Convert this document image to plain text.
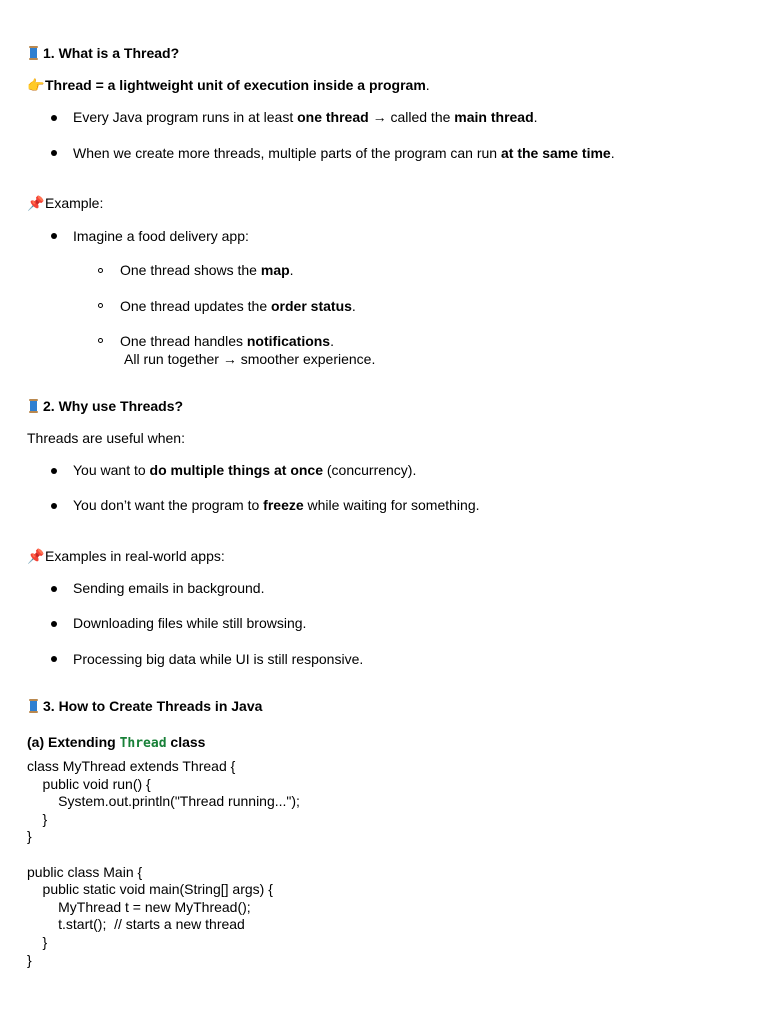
1. What is a Thread?
👉Thread = a lightweight unit of execution inside a program.
Every Java program runs in at least one thread → called the main thread.
When we create more threads, multiple parts of the program can run at the same time.
📌Example:
Imagine a food delivery app:
One thread shows the map.
One thread updates the order status.
One thread handles notifications.
All run together → smoother experience.
2. Why use Threads?
Threads are useful when:
You want to do multiple things at once (concurrency).
You don’t want the program to freeze while waiting for something.
📌Examples in real-world apps:
Sending emails in background.
Downloading files while still browsing.
Processing big data while UI is still responsive.
3. How to Create Threads in Java
(a) Extending Thread class
class MyThread extends Thread {
public void run() {
System.out.println("Thread running...");
}
}

public class Main {
public static void main(String[] args) {
MyThread t = new MyThread();
t.start();  // starts a new thread
}
}
